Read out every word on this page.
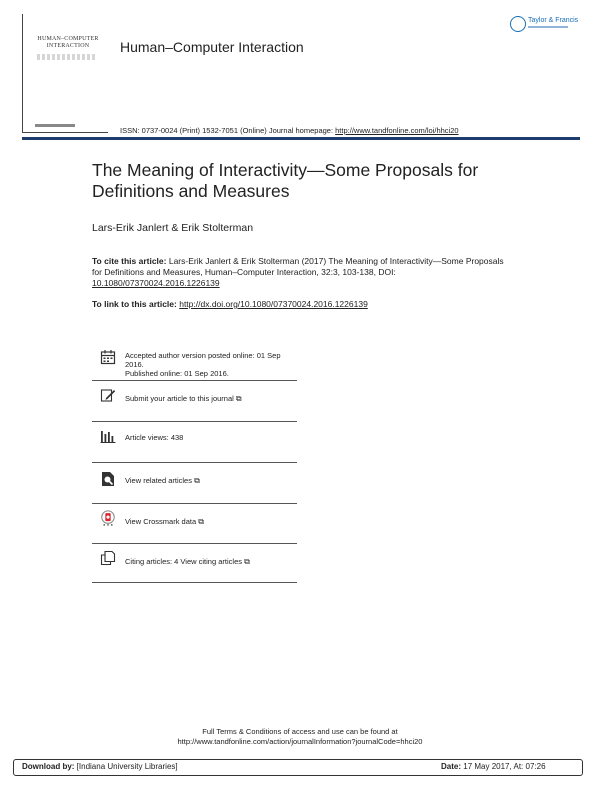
HUMAN–COMPUTER
INTERACTION	Human–Computer Interaction
Taylor & Francis
ISSN: 0737-0024 (Print) 1532-7051 (Online) Journal homepage: http://www.tandfonline.com/loi/hhci20
The Meaning of Interactivity—Some Proposals for Definitions and Measures
Lars-Erik Janlert & Erik Stolterman
To cite this article: Lars-Erik Janlert & Erik Stolterman (2017) The Meaning of Interactivity—Some Proposals for Definitions and Measures, Human–Computer Interaction, 32:3, 103-138, DOI: 10.1080/07370024.2016.1226139
To link to this article: http://dx.doi.org/10.1080/07370024.2016.1226139
Accepted author version posted online: 01 Sep 2016.
Published online: 01 Sep 2016.
Submit your article to this journal ⧉
Article views: 438
View related articles ⧉
View Crossmark data ⧉
Citing articles: 4 View citing articles ⧉
Full Terms & Conditions of access and use can be found at
http://www.tandfonline.com/action/journalInformation?journalCode=hhci20
Download by: [Indiana University Libraries]	Date: 17 May 2017, At: 07:26
